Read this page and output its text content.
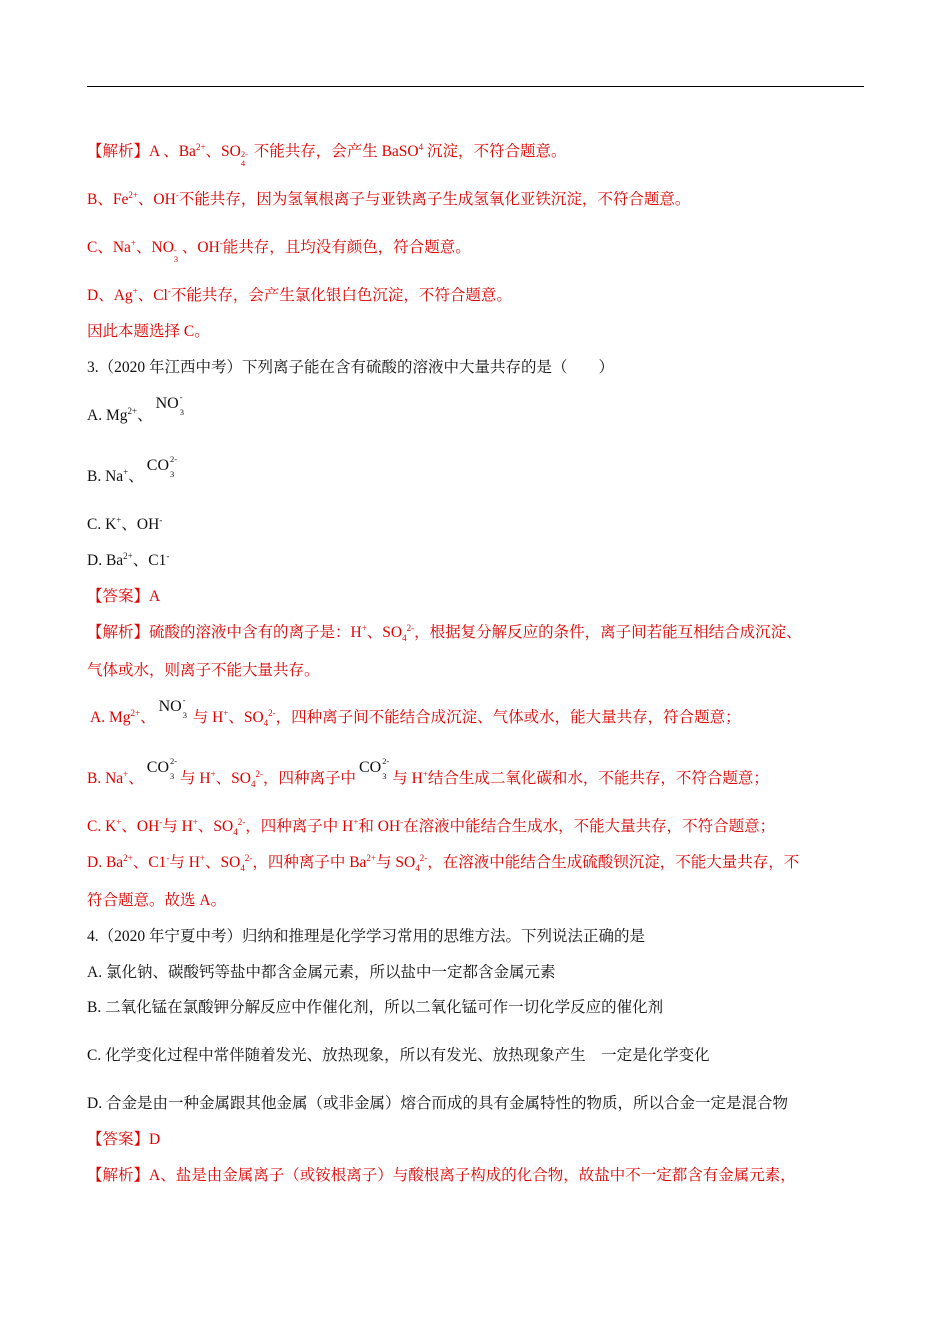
【解析】A 、$Ba^{2+}$、SO 2-
4
不能共存，会产生 BaSO$^4$ 沉淀，不符合题意。
B、$Fe^{2+}$、OH-不能共存，因为氢氧根离子与亚铁离子生成氢氧化亚铁沉淀，不符合题意。
C、Na+、NO -
3
、OH-能共存，且均没有颜色，符合题意。
D、Ag+、Cl-不能共存，会产生氯化银白色沉淀，不符合题意。
因此本题选择 C。
3.（2020 年江西中考）下列离子能在含有硫酸的溶液中大量共存的是（　　）
A. $Mg^{2+}$、NO -
3
B. Na+、CO 2-
3
C. K+、OH-
D. $Ba^{2+}$、C1-
【答案】A
【解析】硫酸的溶液中含有的离子是：H+、$SO_4^{2-}$，根据复分解反应的条件，离子间若能互相结合成沉淀、
气体或水，则离子不能大量共存。
A. $Mg^{2+}$、NO -
3 与 H+、$SO_4^{2-}$，四种离子间不能结合成沉淀、气体或水，能大量共存，符合题意；
B. Na+、CO 2-
3 与 H+、$SO_4^{2-}$，四种离子中CO 2-
3 与 H+结合生成二氧化碳和水，不能共存，不符合题意；
C. K+、OH-与 H+、$SO_4^{2-}$，四种离子中 H+和 OH-在溶液中能结合生成水，不能大量共存，不符合题意；
D. $Ba^{2+}$、C1-与 H+、$SO_4^{2-}$，四种离子中 $Ba^{2+}$与 $SO_4^{2-}$，在溶液中能结合生成硫酸钡沉淀，不能大量共存，不
符合题意。故选 A。
4.（2020 年宁夏中考）归纳和推理是化学学习常用的思维方法。下列说法正确的是
A. 氯化钠、碳酸钙等盐中都含金属元素，所以盐中一定都含金属元素
B. 二氧化锰在氯酸钾分解反应中作催化剂，所以二氧化锰可作一切化学反应的催化剂
C. 化学变化过程中常伴随着发光、放热现象，所以有发光、放热现象产生　一定是化学变化
D. 合金是由一种金属跟其他金属（或非金属）熔合而成的具有金属特性的物质，所以合金一定是混合物
【答案】D
【解析】A、盐是由金属离子（或铵根离子）与酸根离子构成的化合物，故盐中不一定都含有金属元素，
